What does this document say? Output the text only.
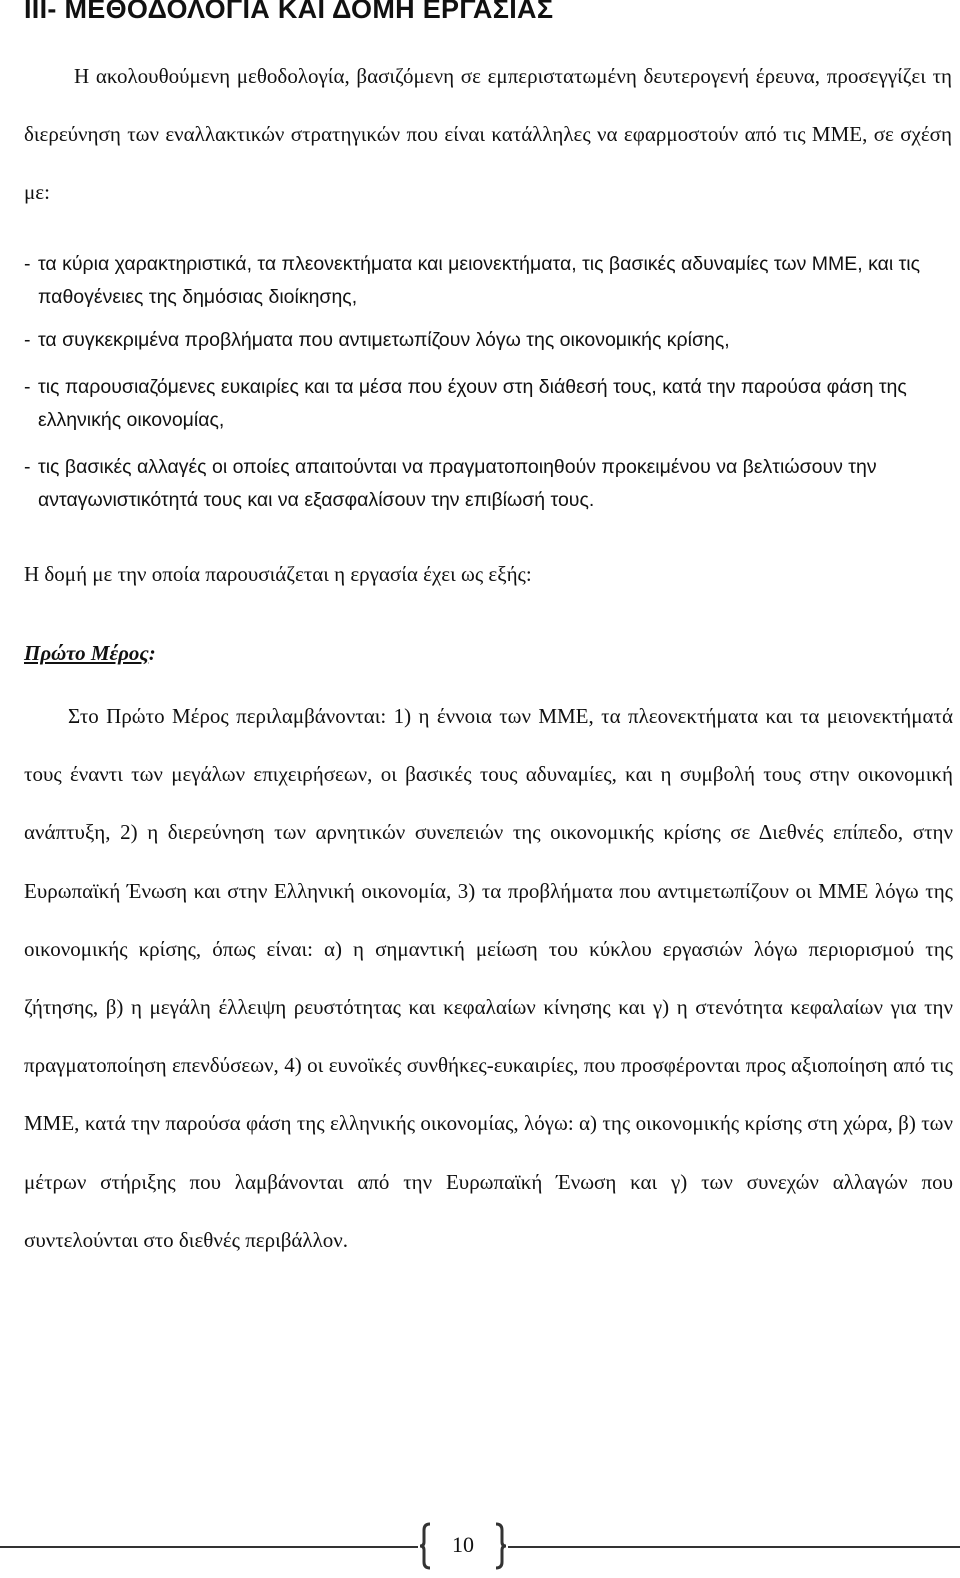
III- ΜΕΘΟΔΟΛΟΓΙΑ ΚΑΙ ΔΟΜΗ ΕΡΓΑΣΙΑΣ

Η ακολουθούμενη μεθοδολογία, βασιζόμενη σε εμπεριστατωμένη δευτερογενή έρευνα, προσεγγίζει τη διερεύνηση των εναλλακτικών στρατηγικών που είναι κατάλληλες να εφαρμοστούν από τις ΜΜΕ, σε σχέση με:

- τα κύρια χαρακτηριστικά, τα πλεονεκτήματα και μειονεκτήματα, τις βασικές αδυναμίες των ΜΜΕ, και τις παθογένειες της δημόσιας διοίκησης,
- τα συγκεκριμένα προβλήματα που αντιμετωπίζουν λόγω της οικονομικής κρίσης,
- τις παρουσιαζόμενες ευκαιρίες και τα μέσα που έχουν στη διάθεσή τους, κατά την παρούσα φάση της ελληνικής οικονομίας,
- τις βασικές αλλαγές οι οποίες απαιτούνται να πραγματοποιηθούν προκειμένου να βελτιώσουν την ανταγωνιστικότητά τους και να εξασφαλίσουν την επιβίωσή τους.

Η δομή με την οποία παρουσιάζεται η εργασία έχει ως εξής:

Πρώτο Μέρος:

Στο Πρώτο Μέρος περιλαμβάνονται: 1) η έννοια των ΜΜΕ, τα πλεονεκτήματα και τα μειονεκτήματά τους έναντι των μεγάλων επιχειρήσεων, οι βασικές τους αδυναμίες, και η συμβολή τους στην οικονομική ανάπτυξη, 2) η διερεύνηση των αρνητικών συνεπειών της οικονομικής κρίσης σε Διεθνές επίπεδο, στην Ευρωπαϊκή Ένωση και στην Ελληνική οικονομία, 3) τα προβλήματα που αντιμετωπίζουν οι ΜΜΕ λόγω της οικονομικής κρίσης, όπως είναι: α) η σημαντική μείωση του κύκλου εργασιών λόγω περιορισμού της ζήτησης, β) η μεγάλη έλλειψη ρευστότητας και κεφαλαίων κίνησης και γ) η στενότητα κεφαλαίων για την πραγματοποίηση επενδύσεων, 4) οι ευνοϊκές συνθήκες-ευκαιρίες, που προσφέρονται προς αξιοποίηση από τις ΜΜΕ, κατά την παρούσα φάση της ελληνικής οικονομίας, λόγω: α) της οικονομικής κρίσης στη χώρα, β) των μέτρων στήριξης που λαμβάνονται από την Ευρωπαϊκή Ένωση και γ) των συνεχών αλλαγών που συντελούνται στο διεθνές περιβάλλον.

10
